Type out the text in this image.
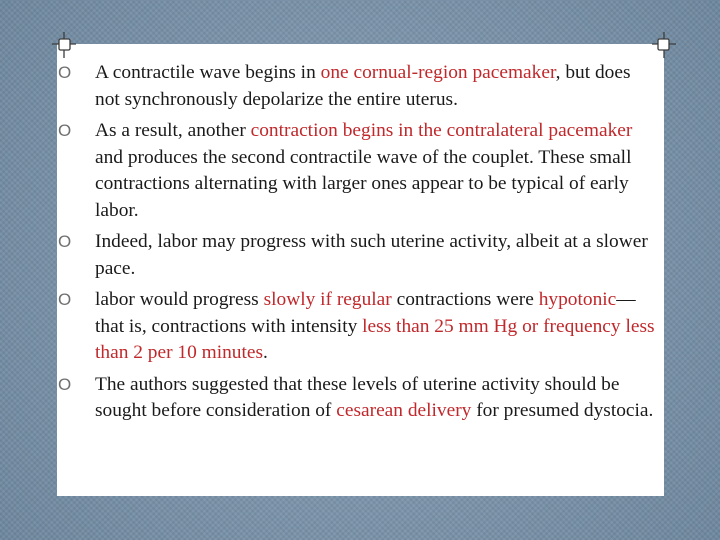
O A contractile wave begins in one cornual-region pacemaker, but does not synchronously depolarize the entire uterus.
O As a result, another contraction begins in the contralateral pacemaker and produces the second contractile wave of the couplet. These small contractions alternating with larger ones appear to be typical of early labor.
O Indeed, labor may progress with such uterine activity, albeit at a slower pace.
O labor would progress slowly if regular contractions were hypotonic—that is, contractions with intensity less than 25 mm Hg or frequency less than 2 per 10 minutes.
O The authors suggested that these levels of uterine activity should be sought before consideration of cesarean delivery for presumed dystocia.
